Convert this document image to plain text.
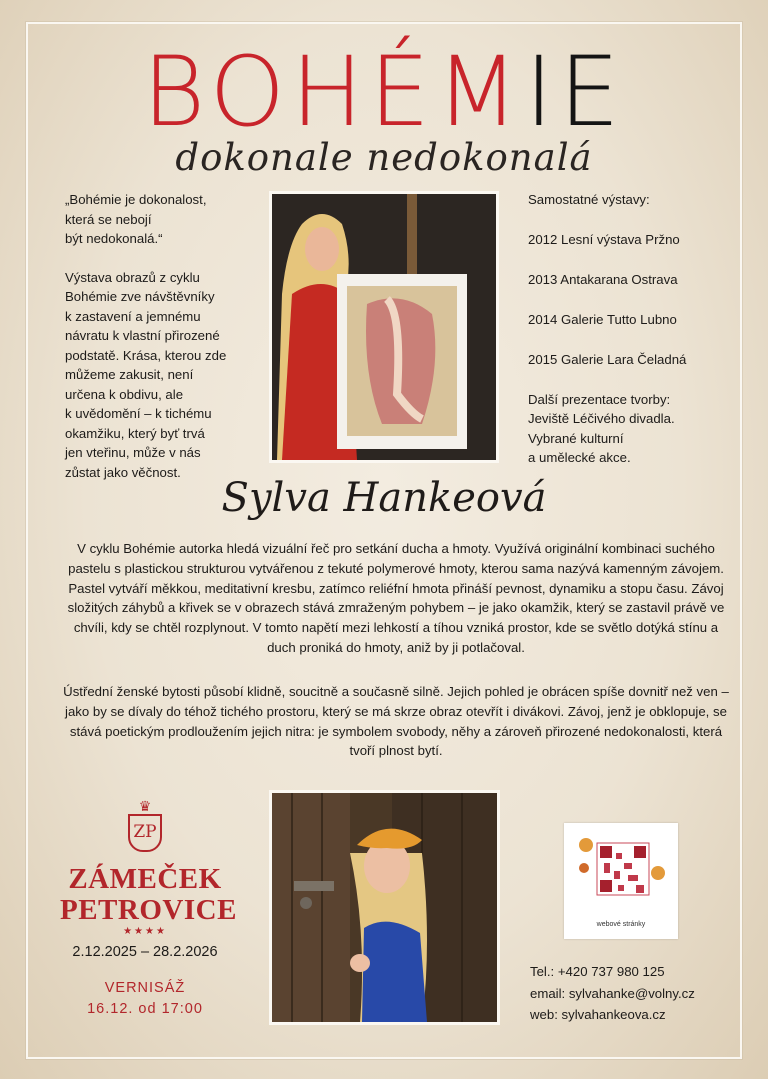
BOHÉMIE
dokonale nedokonalá

„Bohémie je dokonalost,
která se nebojí
být nedokonalá.“

Výstava obrazů z cyklu
Bohémie zve návštěvníky
k zastavení a jemnému
návratu k vlastní přirozené
podstatě. Krása, kterou zde
můžeme zakusit, není
určena k obdivu, ale
k uvědomění – k tichému
okamžiku, který byť trvá
jen vteřinu, může v nás
zůstat jako věčnost.

Samostatné výstavy:
2012 Lesní výstava Pržno
2013 Antakarana Ostrava
2014 Galerie Tutto Lubno
2015 Galerie Lara Čeladná
Další prezentace tvorby:
Jeviště Léčivého divadla.
Vybrané kulturní
a umělecké akce.
Sylva Hankeová
V cyklu Bohémie autorka hledá vizuální řeč pro setkání ducha a hmoty. Využívá originální kombinaci suchého pastelu s plastickou strukturou vytvářenou z tekuté polymerové hmoty, kterou sama nazývá kamenným závojem. Pastel vytváří měkkou, meditativní kresbu, zatímco reliéfní hmota přináší pevnost, dynamiku a stopu času. Závoj složitých záhybů a křivek se v obrazech stává zmraženým pohybem – je jako okamžik, který se zastavil právě ve chvíli, kdy se chtěl rozplynout. V tomto napětí mezi lehkostí a tíhou vzniká prostor, kde se světlo dotýká stínu a duch proniká do hmoty, aniž by ji potlačoval.
Ústřední ženské bytosti působí klidně, soucitně a současně silně. Jejich pohled je obrácen spíše dovnitř než ven – jako by se dívaly do téhož tichého prostoru, který se má skrze obraz otevřít i divákovi. Závoj, jenž je obklopuje, se stává poetickým prodloužením jejich nitra: je symbolem svobody, něhy a zároveň přirozené nedokonalosti, která tvoří plnost bytí.
♛
ZP
ZÁMEČEK
PETROVICE
★★★★
2.12.2025 – 28.2.2026
VERNISÁŽ
16.12. od 17:00
webové stránky
Tel.: +420 737 980 125
email: sylvahanke@volny.cz
web: sylvahankeova.cz
